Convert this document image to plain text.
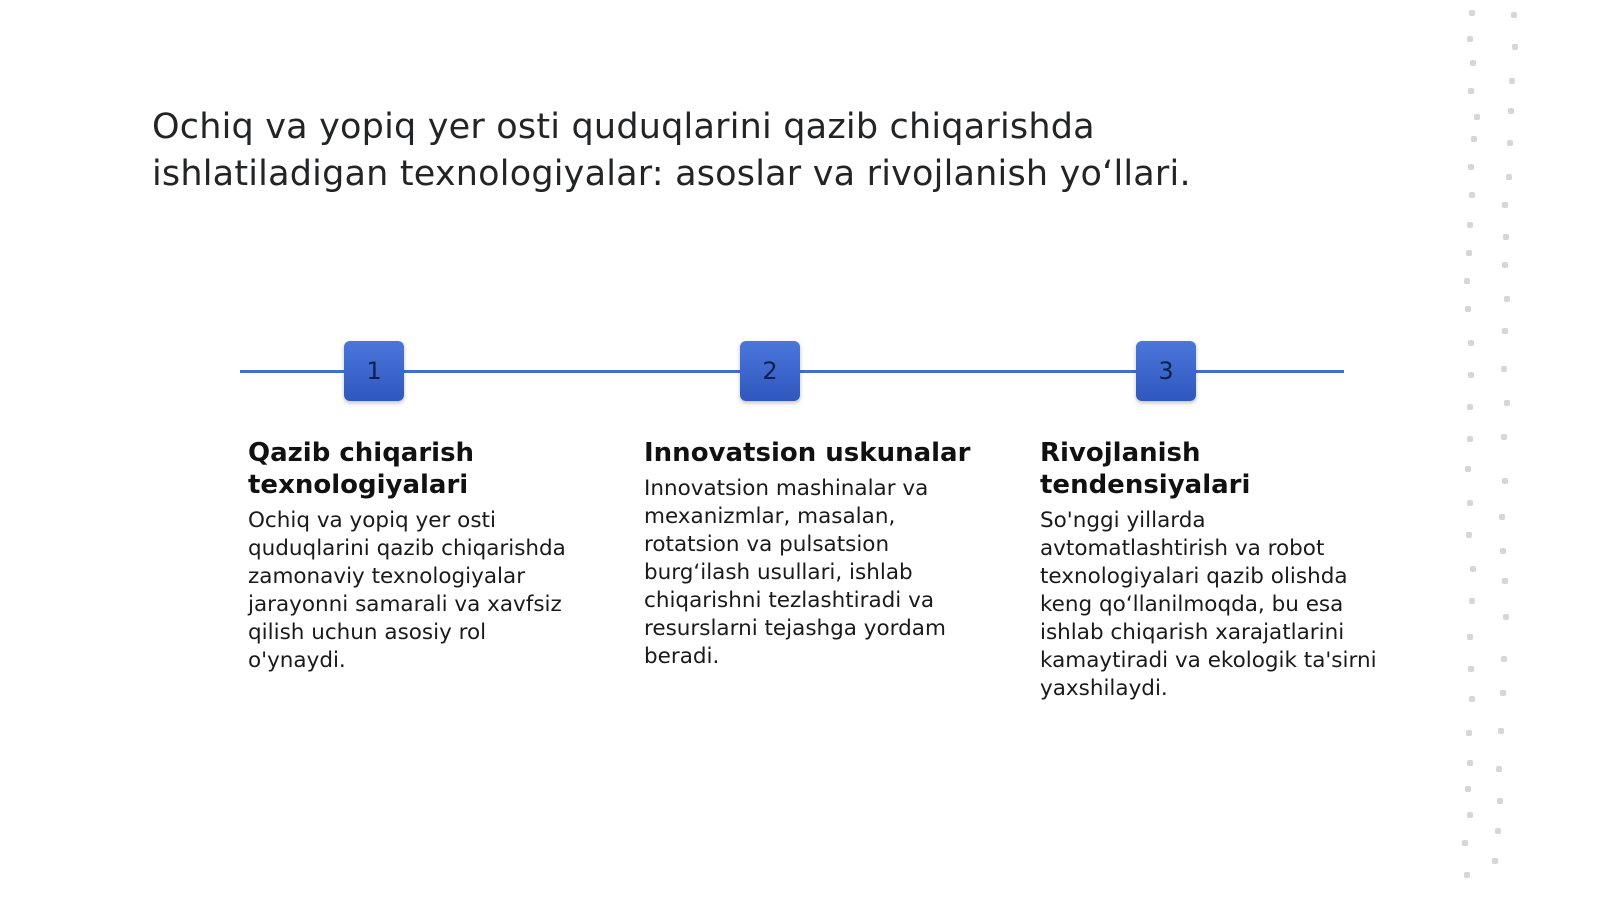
Ochiq va yopiq yer osti quduqlarini qazib chiqarishda ishlatiladigan texnologiyalar: asoslar va rivojlanish yo‘llari.
1	2	3
Qazib chiqarish texnologiyalari

Ochiq va yopiq yer osti quduqlarini qazib chiqarishda zamonaviy texnologiyalar jarayonni samarali va xavfsiz qilish uchun asosiy rol o'ynaydi.

Innovatsion uskunalar

Innovatsion mashinalar va mexanizmlar, masalan, rotatsion va pulsatsion burg‘ilash usullari, ishlab chiqarishni tezlashtiradi va resurslarni tejashga yordam beradi.

Rivojlanish tendensiyalari

So'nggi yillarda avtomatlashtirish va robot texnologiyalari qazib olishda keng qo‘llanilmoqda, bu esa ishlab chiqarish xarajatlarini kamaytiradi va ekologik ta'sirni yaxshilaydi.
